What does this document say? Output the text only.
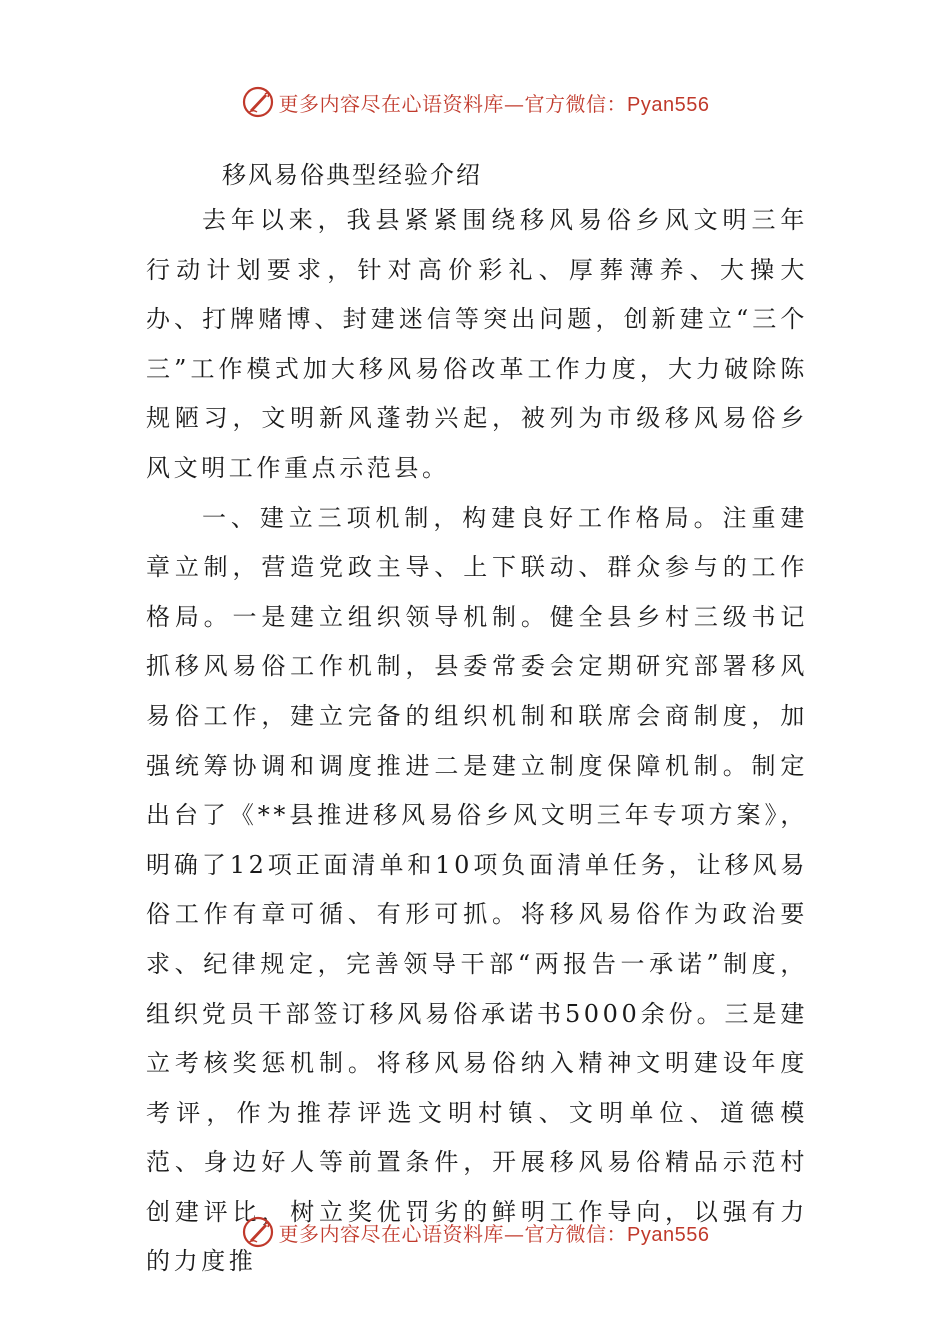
更多内容尽在心语资料库—官方微信：Pyan556
移风易俗典型经验介绍

去年以来，我县紧紧围绕移风易俗乡风文明三年行动计划要求，针对高价彩礼、厚葬薄养、大操大办、打牌赌博、封建迷信等突出问题，创新建立“三个三”工作模式加大移风易俗改革工作力度，大力破除陈规陋习，文明新风蓬勃兴起，被列为市级移风易俗乡风文明工作重点示范县。

一、建立三项机制，构建良好工作格局。注重建章立制，营造党政主导、上下联动、群众参与的工作格局。一是建立组织领导机制。健全县乡村三级书记抓移风易俗工作机制，县委常委会定期研究部署移风易俗工作，建立完备的组织机制和联席会商制度，加强统筹协调和调度推进二是建立制度保障机制。制定出台了《**县推进移风易俗乡风文明三年专项方案》，明确了12项正面清单和10项负面清单任务，让移风易俗工作有章可循、有形可抓。将移风易俗作为政治要求、纪律规定，完善领导干部“两报告一承诺”制度，组织党员干部签订移风易俗承诺书5000余份。三是建立考核奖惩机制。将移风易俗纳入精神文明建设年度考评，作为推荐评选文明村镇、文明单位、道德模范、身边好人等前置条件，开展移风易俗精品示范村创建评比，树立奖优罚劣的鲜明工作导向，以强有力的力度推

更多内容尽在心语资料库—官方微信：Pyan556
